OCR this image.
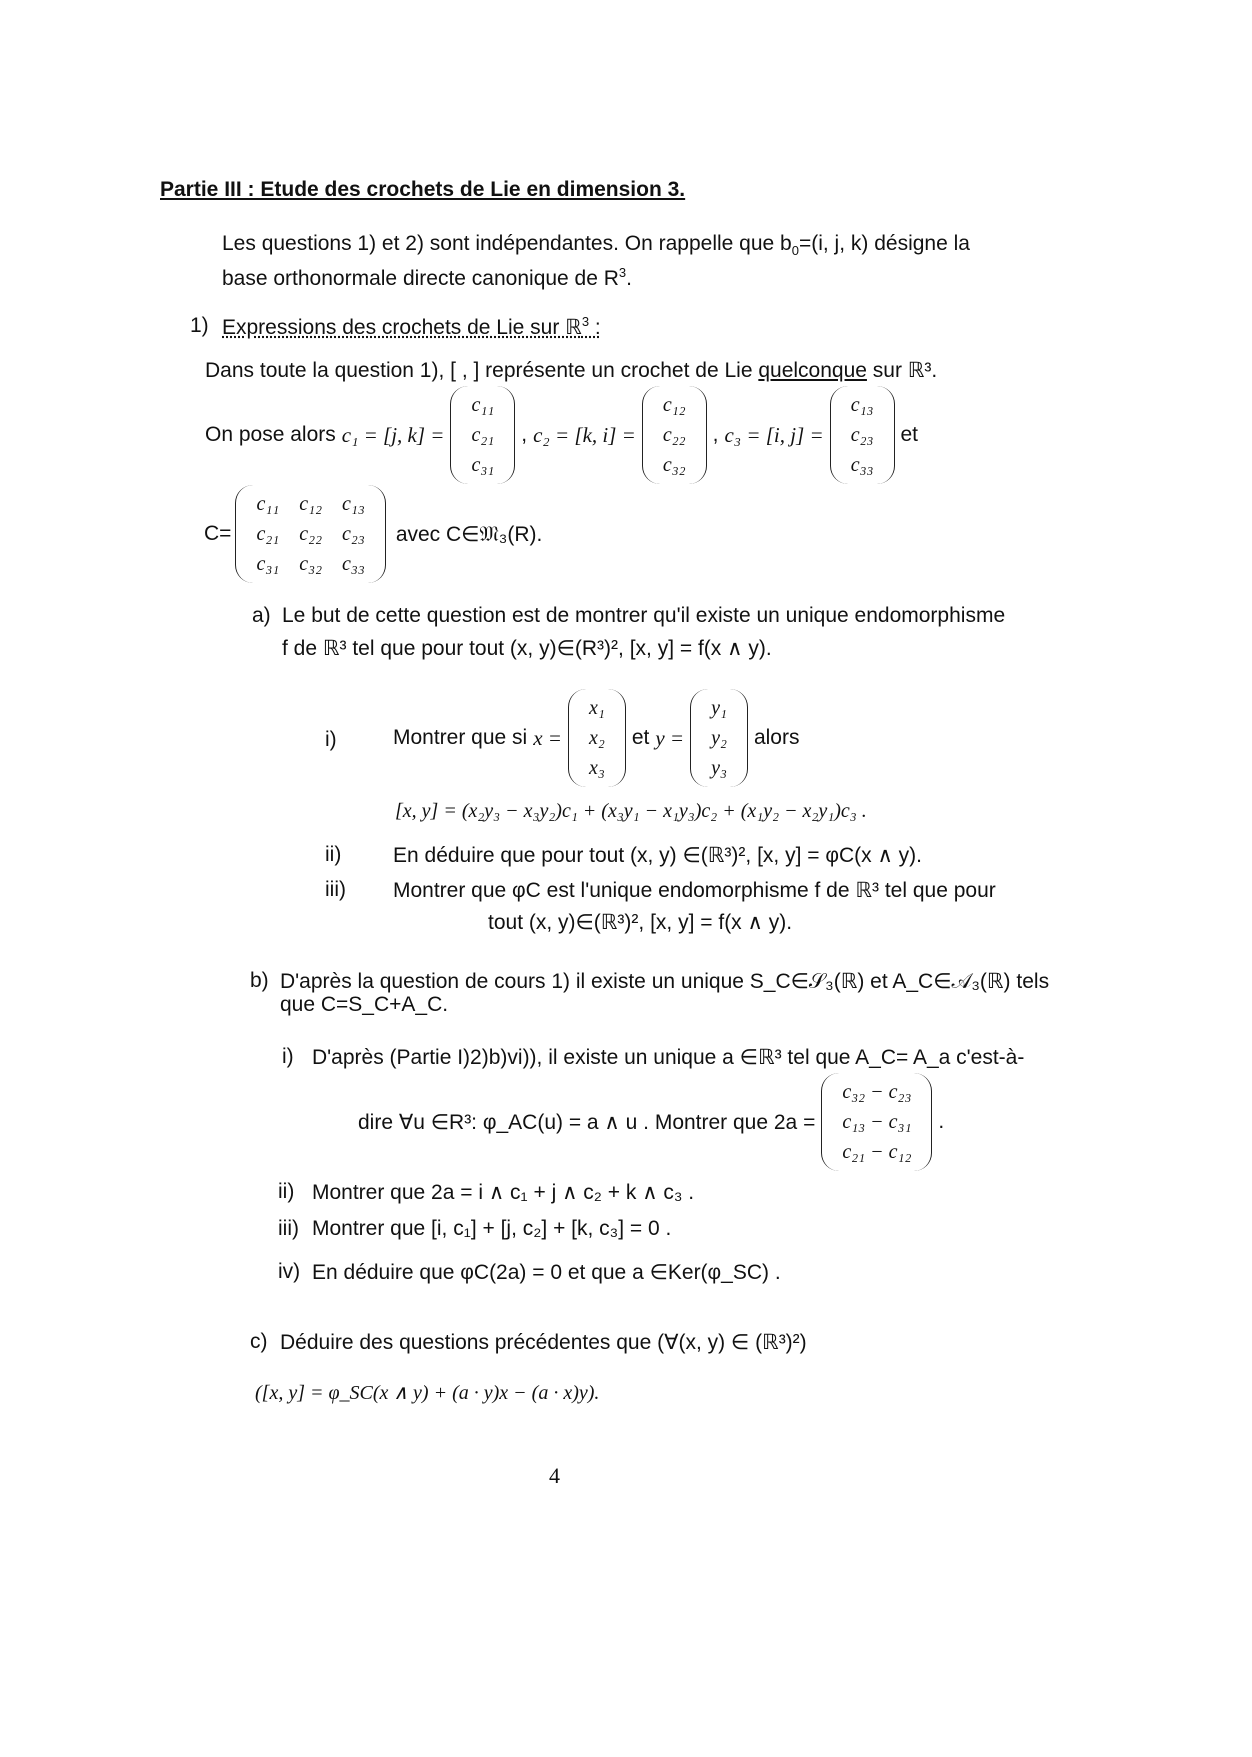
Partie III : Etude des crochets de Lie en dimension 3.
Les questions 1) et 2) sont indépendantes. On rappelle que $b_0=(i$, j, k) désigne la
base orthonormale directe canonique de $R^3$.
1) Expressions des crochets de Lie sur ℝ$^3$ :
Dans toute la question 1), [ , ] représente un crochet de Lie quelconque sur ℝ³.
On pose alors c₁ = [j, k] =
c₁₁
c₂₁
c₃₁
, c₂ = [k, i] =
c₁₂
c₂₂
c₃₂
, c₃ = [i, j] =
c₁₃
c₂₃
c₃₃
et
C=
c₁₁	c₁₂	c₁₃
c₂₁	c₂₂	c₂₃
c₃₁	c₃₂	c₃₃
avec C∈𝔐₃(R).
a) Le but de cette question est de montrer qu'il existe un unique endomorphisme
f de ℝ³ tel que pour tout (x, y)∈(R³)², [x, y] = f(x ∧ y).
i)	Montrer que si x =
x₁
x₂
x₃
et y =
y₁
y₂
y₃
alors
[x, y] = (x₂y₃ − x₃y₂)c₁ + (x₃y₁ − x₁y₃)c₂ + (x₁y₂ − x₂y₁)c₃ .
ii) En déduire que pour tout (x, y) ∈(ℝ³)², [x, y] = φC(x ∧ y).
iii) Montrer que φC est l'unique endomorphisme f de ℝ³ tel que pour
tout (x, y)∈(ℝ³)², [x, y] = f(x ∧ y).
b) D'après la question de cours 1) il existe un unique S_C∈𝒮₃(ℝ) et A_C∈𝒜₃(ℝ) tels
que C=S_C+A_C.
i) D'après (Partie I)2)b)vi)), il existe un unique a ∈ℝ³ tel que A_C= A_a c'est-à-
dire ∀u ∈R³: φ_AC(u) = a ∧ u . Montrer que 2a =
c₃₂ − c₂₃
c₁₃ − c₃₁
c₂₁ − c₁₂
.
ii) Montrer que 2a = i ∧ c₁ + j ∧ c₂ + k ∧ c₃ .
iii) Montrer que [i, c₁] + [j, c₂] + [k, c₃] = 0 .
iv) En déduire que φC(2a) = 0 et que a ∈Ker(φ_SC) .
c) Déduire des questions précédentes que (∀(x, y) ∈ (ℝ³)²)
([x, y] = φ_SC(x ∧ y) + (a · y)x − (a · x)y).
4
